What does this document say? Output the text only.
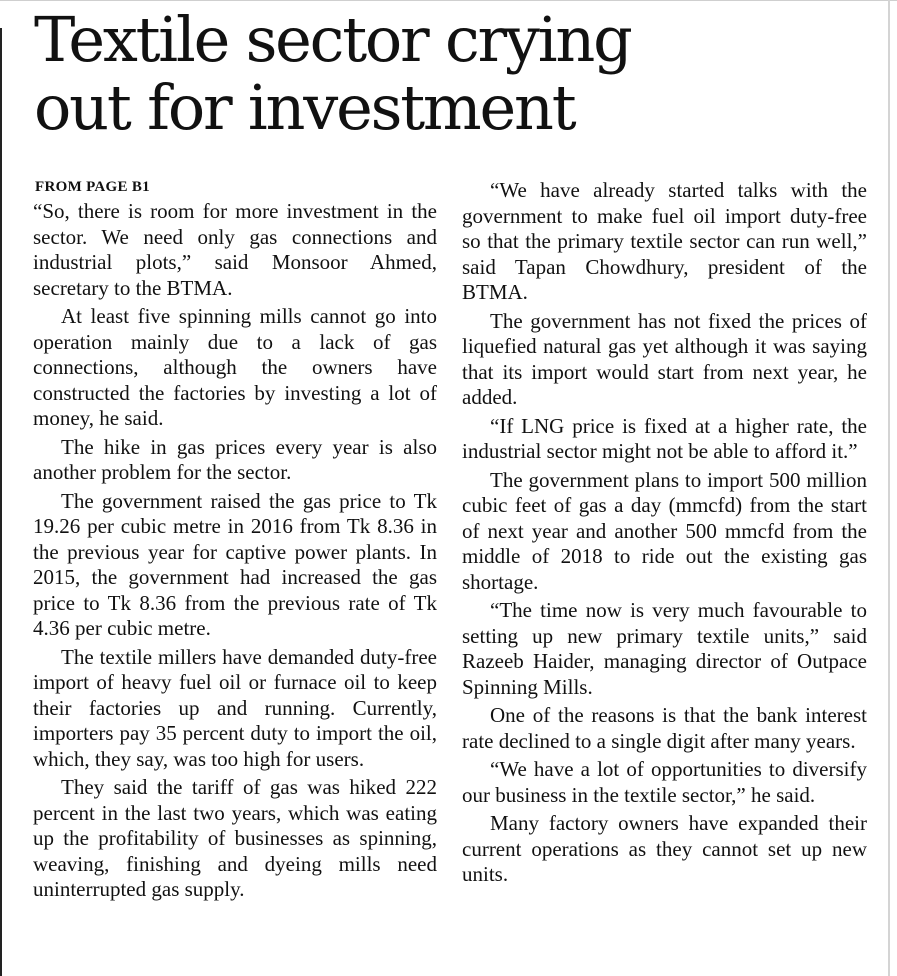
Textile sector crying
out for investment
FROM PAGE B1

“So, there is room for more investment in the sector. We need only gas connections and industrial plots,” said Monsoor Ahmed, secretary to the BTMA.

At least five spinning mills cannot go into operation mainly due to a lack of gas connections, although the owners have constructed the factories by investing a lot of money, he said.

The hike in gas prices every year is also another problem for the sector.

The government raised the gas price to Tk 19.26 per cubic metre in 2016 from Tk 8.36 in the previous year for captive power plants. In 2015, the government had increased the gas price to Tk 8.36 from the previous rate of Tk 4.36 per cubic metre.

The textile millers have demanded duty-free import of heavy fuel oil or furnace oil to keep their factories up and running. Currently, importers pay 35 percent duty to import the oil, which, they say, was too high for users.

They said the tariff of gas was hiked 222 percent in the last two years, which was eating up the profitability of businesses as spinning, weaving, finishing and dyeing mills need uninterrupted gas supply.

“We have already started talks with the government to make fuel oil import duty-free so that the primary textile sector can run well,” said Tapan Chowdhury, president of the BTMA.

The government has not fixed the prices of liquefied natural gas yet although it was saying that its import would start from next year, he added.

“If LNG price is fixed at a higher rate, the industrial sector might not be able to afford it.”

The government plans to import 500 million cubic feet of gas a day (mmcfd) from the start of next year and another 500 mmcfd from the middle of 2018 to ride out the existing gas shortage.

“The time now is very much favourable to setting up new primary textile units,” said Razeeb Haider, managing director of Outpace Spinning Mills.

One of the reasons is that the bank interest rate declined to a single digit after many years.

“We have a lot of opportunities to diversify our business in the textile sector,” he said.

Many factory owners have expanded their current operations as they cannot set up new units.
